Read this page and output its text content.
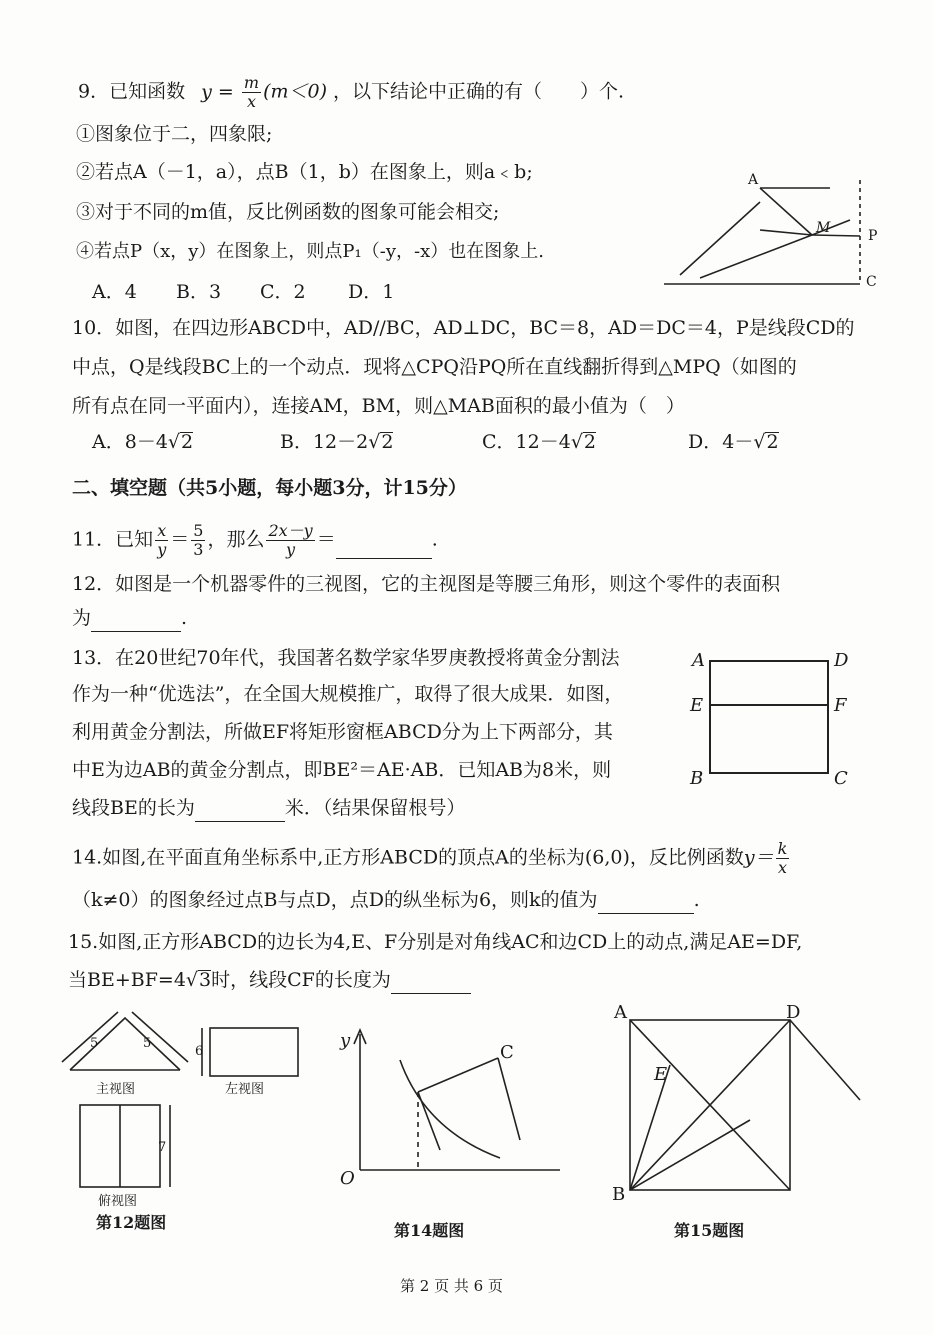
9．已知函数 $y = \frac{m}{x} (m<0)$ ，以下结论中正确的有（　　）个.
①图象位于二，四象限;
②若点A（－1，a），点B（1，b）在图象上，则a﹤b;
③对于不同的m值，反比例函数的图象可能会相交;
④若点P（x，y）在图象上，则点P₁（-y，-x）也在图象上.
A．4 B．3 C．2 D．1
A
M	P
C
10．如图，在四边形ABCD中，AD//BC，AD⊥DC，BC＝8，AD＝DC＝4，P是线段CD的
中点，Q是线段BC上的一个动点．现将△CPQ沿PQ所在直线翻折得到△MPQ（如图的
所有点在同一平面内），连接AM，BM，则△MAB面积的最小值为（　）
A．8－4√2	B．12－2√2	C．12－4√2	D．4－√2
二、填空题（共5小题，每小题3分，计15分）
11．已知 $\frac{x}{y} = \frac{5}{3}$ ，那么 $\frac{2x-y}{y}$ ＝	.
12．如图是一个机器零件的三视图，它的主视图是等腰三角形，则这个零件的表面积
为	.
13．在20世纪70年代，我国著名数学家华罗庚教授将黄金分割法
作为一种“优选法”，在全国大规模推广，取得了很大成果．如图，
利用黄金分割法，所做EF将矩形窗框ABCD分为上下两部分，其
中E为边AB的黄金分割点，即BE²＝AE·AB．已知AB为8米，则
线段BE的长为	米．（结果保留根号）
A	D
E	F
B	C
14.如图,在平面直角坐标系中,正方形ABCD的顶点A的坐标为(6,0)，反比例函数$y= \frac{k}{x}$
（k≠0）的图象经过点B与点D，点D的纵坐标为6，则k的值为	.
15.如图,正方形ABCD的边长为4,E、F分别是对角线AC和边CD上的动点,满足AE=DF,
当BE+BF=4√3时，线段CF的长度为
5	5
6
7
主视图	左视图
俯视图
第12题图
y
C
O
第14题图
A	D
E
B
第15题图
第 2 页 共 6 页
